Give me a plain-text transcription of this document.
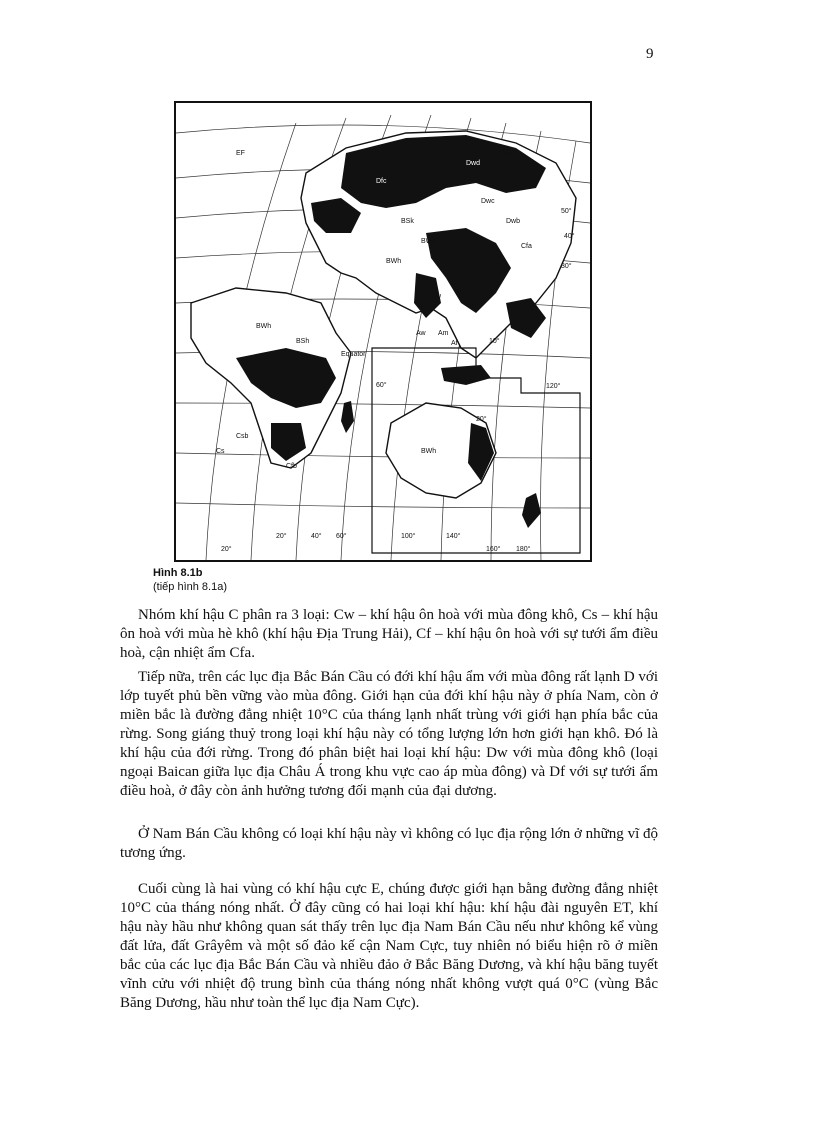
9

EF
Dwd
Dwc
Dfc
Dwb
BSk
BWk
BWh
BWh
BWh
BSh
Cfa
Cw
Aw Am
Af
Cs
Csb
Cfb
Equator
70°
50°
40°
30°
20°
10°
60°
20°
20°	40° 60°	100°
120°
140°
160° 180°

Hình 8.1b

(tiếp hình 8.1a)

Nhóm khí hậu C phân ra 3 loại: Cw – khí hậu ôn hoà với mùa đông khô, Cs – khí hậu ôn hoà với mùa hè khô (khí hậu Địa Trung Hải), Cf – khí hậu ôn hoà với sự tưới ẩm điều hoà, cận nhiệt ẩm Cfa.

Tiếp nữa, trên các lục địa Bắc Bán Cầu có đới khí hậu ẩm với mùa đông rất lạnh D với lớp tuyết phủ bền vững vào mùa đông. Giới hạn của đới khí hậu này ở phía Nam, còn ở miền bắc là đường đẳng nhiệt 10°C của tháng lạnh nhất trùng với giới hạn phía bắc của rừng. Song giáng thuỷ trong loại khí hậu này có tổng lượng lớn hơn giới hạn khô. Đó là khí hậu của đới rừng. Trong đó phân biệt hai loại khí hậu: Dw với mùa đông khô (loại ngoại Baican giữa lục địa Châu Á trong khu vực cao áp mùa đông) và Df với sự tưới ẩm điều hoà, ở đây còn ảnh hưởng tương đối mạnh của đại dương.

Ở Nam Bán Cầu không có loại khí hậu này vì không có lục địa rộng lớn ở những vĩ độ tương ứng.

Cuối cùng là hai vùng có khí hậu cực E, chúng được giới hạn bằng đường đẳng nhiệt 10°C của tháng nóng nhất. Ở đây cũng có hai loại khí hậu: khí hậu đài nguyên ET, khí hậu này hầu như không quan sát thấy trên lục địa Nam Bán Cầu nếu như không kể vùng đất lửa, đất Grâyêm và một số đảo kế cận Nam Cực, tuy nhiên nó biểu hiện rõ ở miền bắc của các lục địa Bắc Bán Cầu và nhiều đảo ở Bắc Băng Dương, và khí hậu băng tuyết vĩnh cửu với nhiệt độ trung bình của tháng nóng nhất không vượt quá 0°C (vùng Bắc Băng Dương, hầu như toàn thể lục địa Nam Cực).
